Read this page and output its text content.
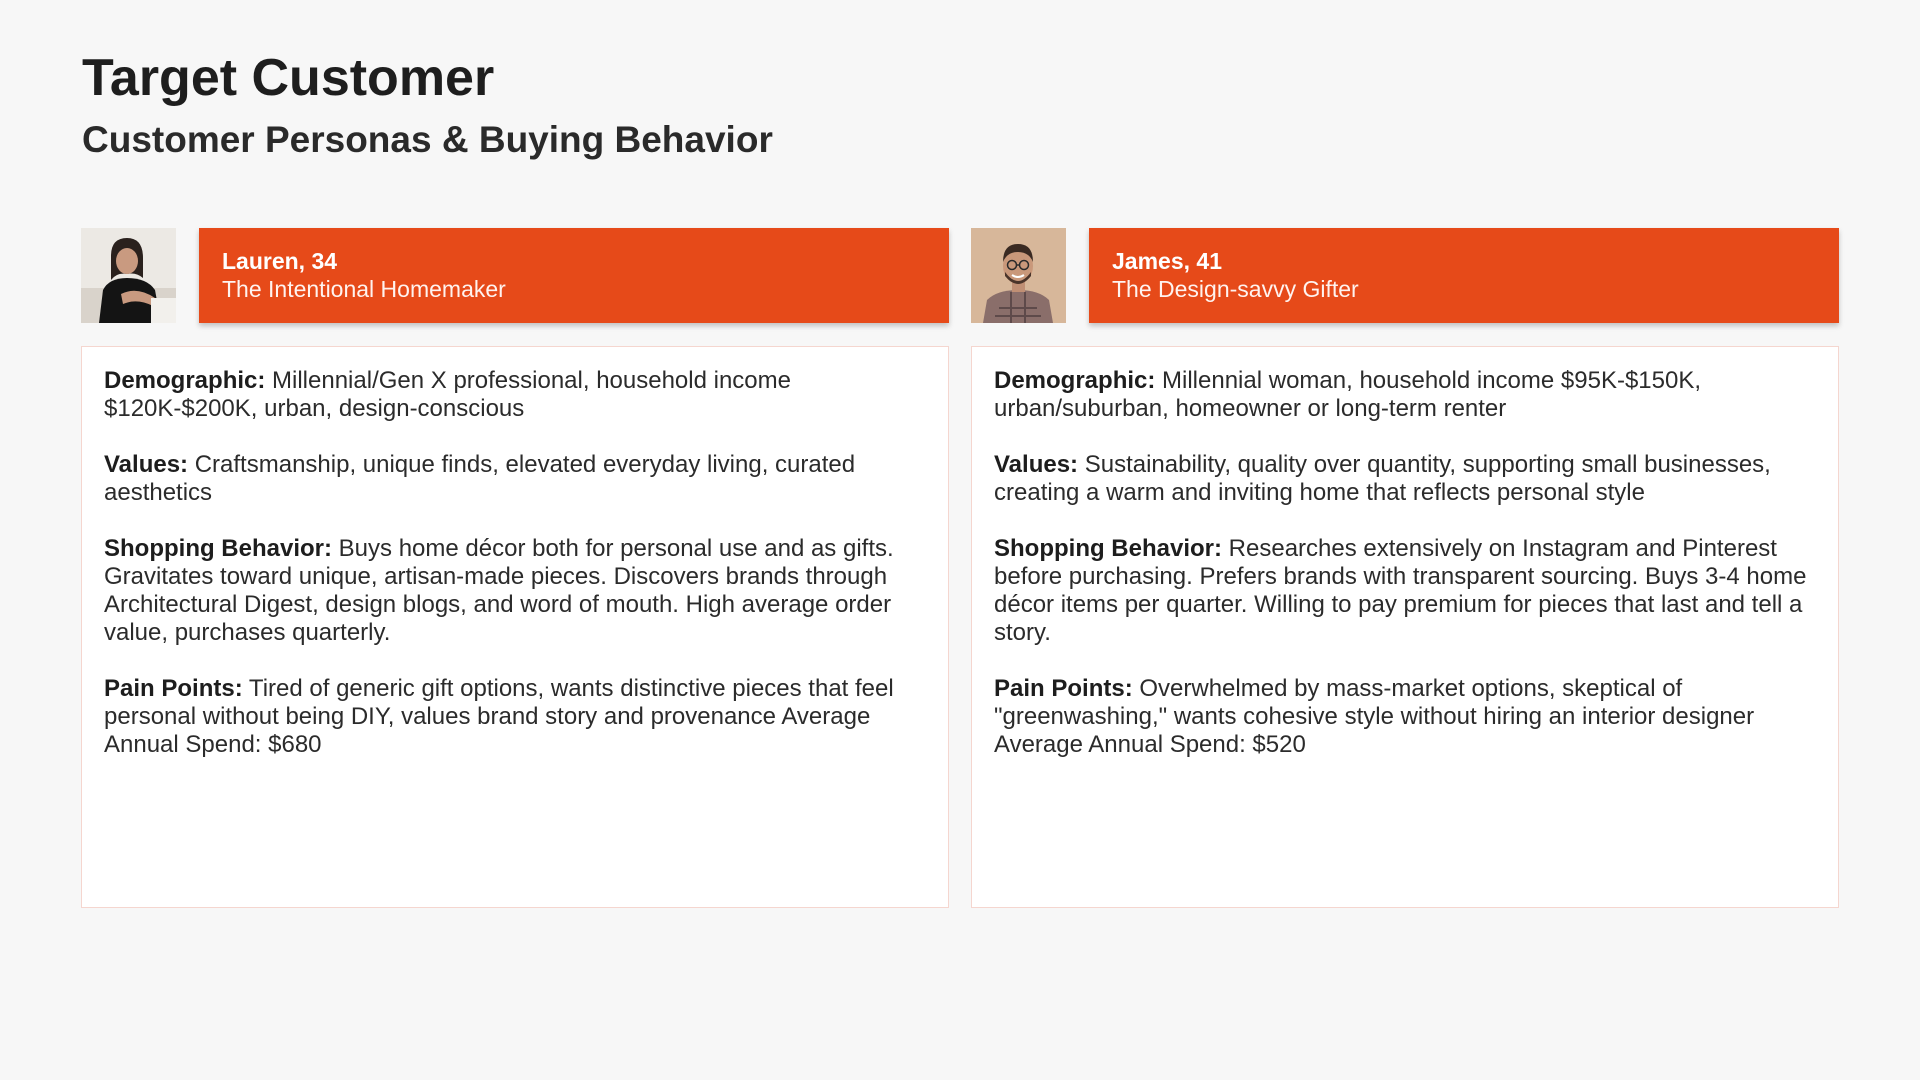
Target Customer
Customer Personas & Buying Behavior
Lauren, 34
The Intentional Homemaker

Demographic: Millennial/Gen X professional, household income $120K-$200K, urban, design-conscious

Values: Craftsmanship, unique finds, elevated everyday living, curated aesthetics

Shopping Behavior: Buys home décor both for personal use and as gifts. Gravitates toward unique, artisan-made pieces. Discovers brands through Architectural Digest, design blogs, and word of mouth. High average order value, purchases quarterly.

Pain Points: Tired of generic gift options, wants distinctive pieces that feel personal without being DIY, values brand story and provenance Average Annual Spend: $680

James, 41
The Design-savvy Gifter

Demographic: Millennial woman, household income $95K-$150K, urban/suburban, homeowner or long-term renter

Values: Sustainability, quality over quantity, supporting small businesses, creating a warm and inviting home that reflects personal style

Shopping Behavior: Researches extensively on Instagram and Pinterest before purchasing. Prefers brands with transparent sourcing. Buys 3-4 home décor items per quarter. Willing to pay premium for pieces that last and tell a story.

Pain Points: Overwhelmed by mass-market options, skeptical of "greenwashing," wants cohesive style without hiring an interior designer Average Annual Spend: $520
